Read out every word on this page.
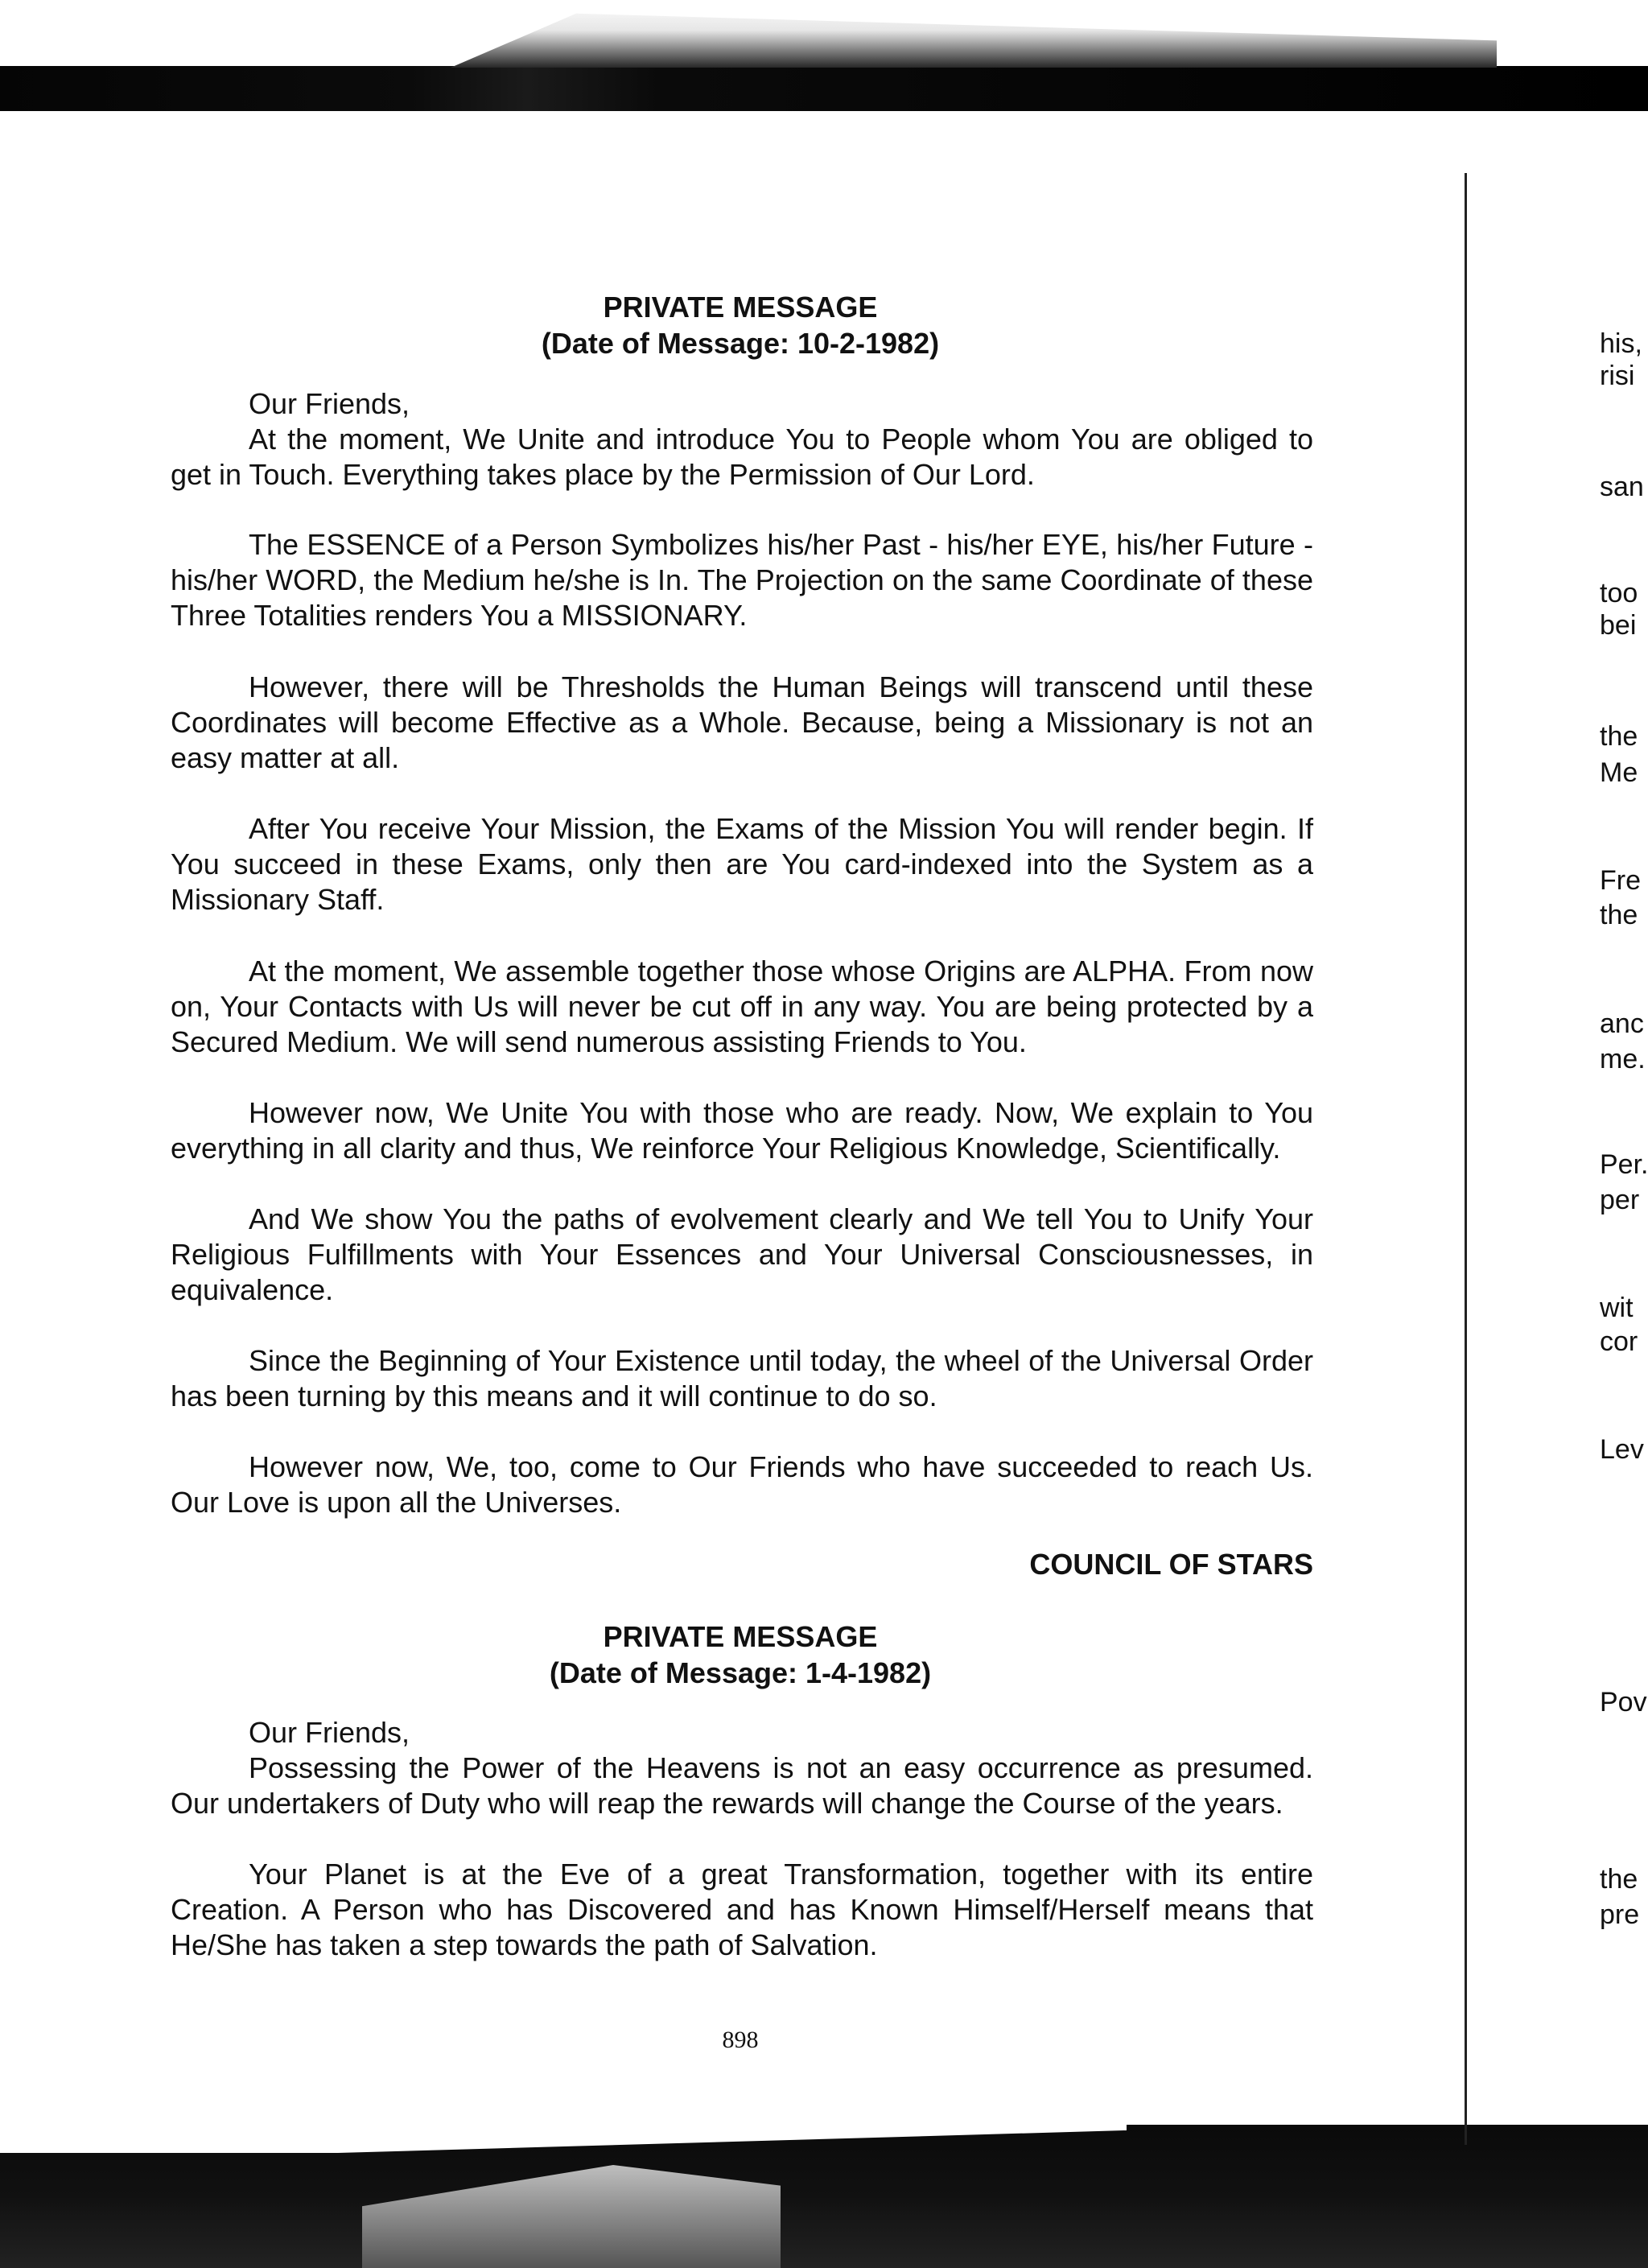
PRIVATE MESSAGE
(Date of Message: 10-2-1982)
Our Friends,
At the moment, We Unite and introduce You to People whom You are obliged to get in Touch. Everything takes place by the Permission of Our Lord.
The ESSENCE of a Person Symbolizes his/her Past - his/her EYE, his/her Future - his/her WORD, the Medium he/she is In. The Projection on the same Coordinate of these Three Totalities renders You a MISSIONARY.
However, there will be Thresholds the Human Beings will transcend until these Coordinates will become Effective as a Whole. Because, being a Missionary is not an easy matter at all.
After You receive Your Mission, the Exams of the Mission You will render begin. If You succeed in these Exams, only then are You card-indexed into the System as a Missionary Staff.
At the moment, We assemble together those whose Origins are ALPHA. From now on, Your Contacts with Us will never be cut off in any way. You are being protected by a Secured Medium. We will send numerous assisting Friends to You.
However now, We Unite You with those who are ready. Now, We explain to You everything in all clarity and thus, We reinforce Your Religious Knowledge, Scientifically.
And We show You the paths of evolvement clearly and We tell You to Unify Your Religious Fulfillments with Your Essences and Your Universal Consciousnesses, in equivalence.
Since the Beginning of Your Existence until today, the wheel of the Universal Order has been turning by this means and it will continue to do so.
However now, We, too, come to Our Friends who have succeeded to reach Us. Our Love is upon all the Universes.
COUNCIL OF STARS
PRIVATE MESSAGE
(Date of Message: 1-4-1982)
Our Friends,
Possessing the Power of the Heavens is not an easy occurrence as presumed. Our undertakers of Duty who will reap the rewards will change the Course of the years.
Your Planet is at the Eve of a great Transformation, together with its entire Creation. A Person who has Discovered and has Known Himself/Herself means that He/She has taken a step towards the path of Salvation.
898
his,
risi
san
too
bei
the
Me
Fre
the
anc
me.
Per.
per
wit
cor
Lev
Pov
the
pre
